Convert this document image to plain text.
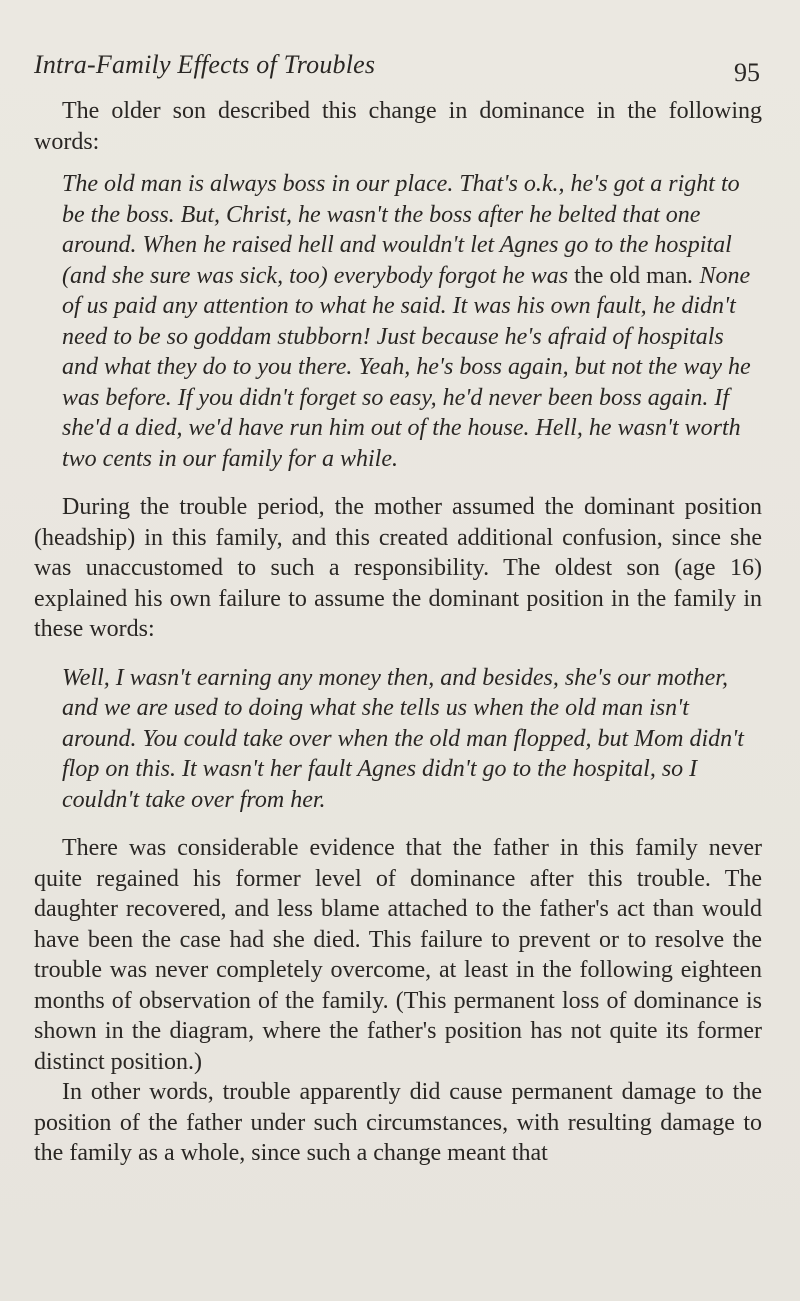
Intra-Family Effects of Troubles	95

The older son described this change in dominance in the following words:

The old man is always boss in our place. That's o.k., he's got a right to be the boss. But, Christ, he wasn't the boss after he belted that one around. When he raised hell and wouldn't let Agnes go to the hospital (and she sure was sick, too) everybody forgot he was the old man. None of us paid any attention to what he said. It was his own fault, he didn't need to be so goddam stubborn! Just because he's afraid of hospitals and what they do to you there. Yeah, he's boss again, but not the way he was before. If you didn't forget so easy, he'd never been boss again. If she'd a died, we'd have run him out of the house. Hell, he wasn't worth two cents in our family for a while.

During the trouble period, the mother assumed the dominant position (headship) in this family, and this created additional confusion, since she was unaccustomed to such a responsibility. The oldest son (age 16) explained his own failure to assume the dominant position in the family in these words:

Well, I wasn't earning any money then, and besides, she's our mother, and we are used to doing what she tells us when the old man isn't around. You could take over when the old man flopped, but Mom didn't flop on this. It wasn't her fault Agnes didn't go to the hospital, so I couldn't take over from her.

There was considerable evidence that the father in this family never quite regained his former level of dominance after this trouble. The daughter recovered, and less blame attached to the father's act than would have been the case had she died. This failure to prevent or to resolve the trouble was never completely overcome, at least in the following eighteen months of observation of the family. (This permanent loss of dominance is shown in the diagram, where the father's position has not quite its former distinct position.)

In other words, trouble apparently did cause permanent damage to the position of the father under such circumstances, with resulting damage to the family as a whole, since such a change meant that
